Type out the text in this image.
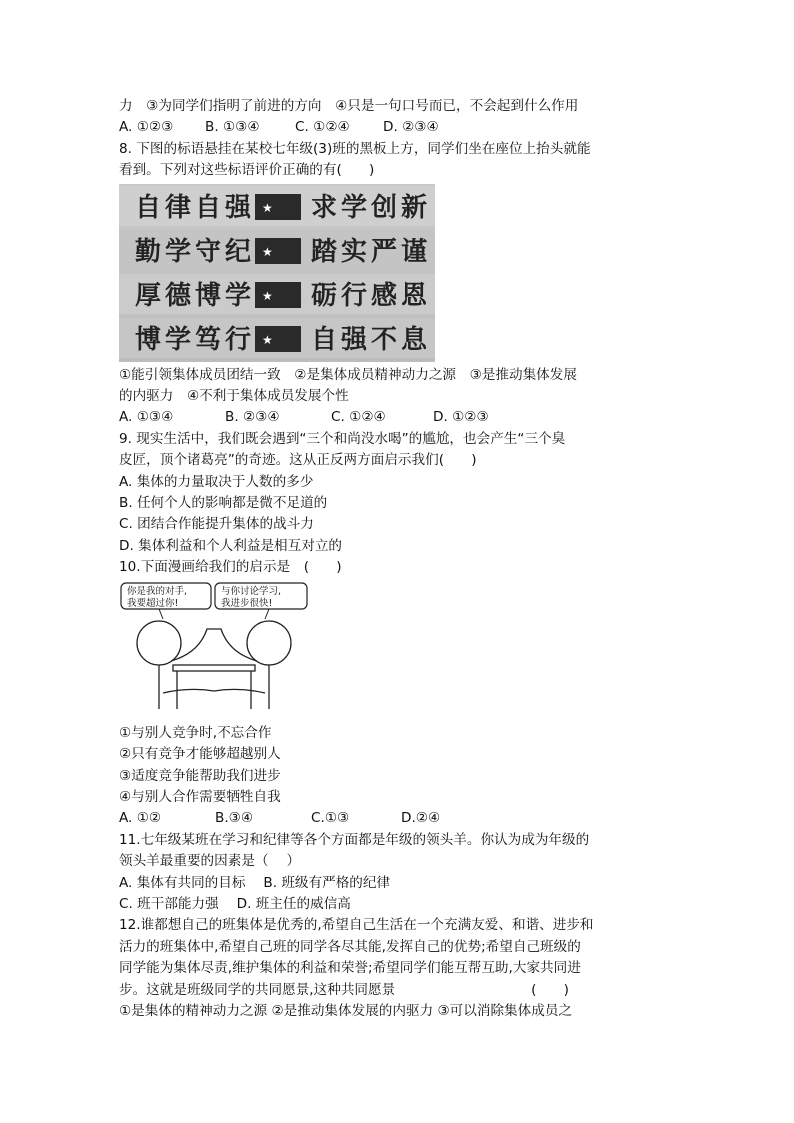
力　③为同学们指明了前进的方向　④只是一句口号而已，不会起到什么作用
A. ①②③ B. ①③④	C. ①②④ D. ②③④
8. 下图的标语悬挂在某校七年级(3)班的黑板上方，同学们坐在座位上抬头就能
看到。下列对这些标语评价正确的有(　　)
自律自强 ★ 求学创新
勤学守纪 ★ 踏实严谨
厚德博学 ★ 砺行感恩
博学笃行 ★ 自强不息
①能引领集体成员团结一致　②是集体成员精神动力之源　③是推动集体发展
的内驱力　④不利于集体成员发展个性
A. ①③④	B. ②③④	C. ①②④	D. ①②③
9. 现实生活中，我们既会遇到“三个和尚没水喝”的尴尬，也会产生“三个臭
皮匠，顶个诸葛亮”的奇迹。这从正反两方面启示我们(　　)
A. 集体的力量取决于人数的多少
B. 任何个人的影响都是微不足道的
C. 团结合作能提升集体的战斗力
D. 集体利益和个人利益是相互对立的
10.下面漫画给我们的启示是　(　　)
你是我的对手,
我要超过你!
与你讨论学习,
我进步很快!
①与别人竞争时,不忘合作
②只有竞争才能够超越别人
③适度竞争能帮助我们进步
④与别人合作需要牺牲自我
A. ①②	B.③④	C.①③	D.②④
11.七年级某班在学习和纪律等各个方面都是年级的领头羊。你认为成为年级的
领头羊最重要的因素是（　 ）
A. 集体有共同的目标　 B. 班级有严格的纪律
C. 班干部能力强　 D. 班主任的威信高
12.谁都想自己的班集体是优秀的,希望自己生活在一个充满友爱、和谐、进步和
活力的班集体中,希望自己班的同学各尽其能,发挥自己的优势;希望自己班级的
同学能为集体尽责,维护集体的利益和荣誉;希望同学们能互帮互助,大家共同进
步。这就是班级同学的共同愿景,这种共同愿景　　　　　　　　　　(　　)
①是集体的精神动力之源 ②是推动集体发展的内驱力 ③可以消除集体成员之
